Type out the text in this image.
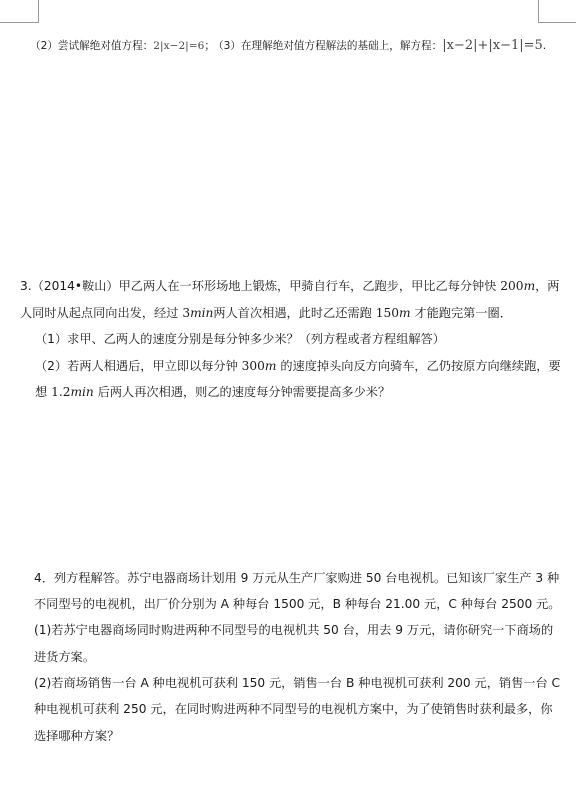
（2）尝试解绝对值方程：2|x−2|=6；
（3）在理解绝对值方程解法的基础上，解方程：|x−2|+|x−1|=5.
3.（2014•鞍山）甲乙两人在一环形场地上锻炼，甲骑自行车，乙跑步，甲比乙每分钟快 200m，两
人同时从起点同向出发，经过 3min两人首次相遇，此时乙还需跑 150m 才能跑完第一圈．
（1）求甲、乙两人的速度分别是每分钟多少米？（列方程或者方程组解答）
（2）若两人相遇后，甲立即以每分钟 300m 的速度掉头向反方向骑车，乙仍按原方向继续跑，要
想 1.2min 后两人再次相遇，则乙的速度每分钟需要提高多少米？
4．列方程解答。苏宁电器商场计划用 9 万元从生产厂家购进 50 台电视机。已知该厂家生产 3 种
不同型号的电视机，出厂价分别为 A 种每台 1500 元，B 种每台 21.00 元，C 种每台 2500 元。
(1)若苏宁电器商场同时购进两种不同型号的电视机共 50 台，用去 9 万元，请你研究一下商场的
进货方案。
(2)若商场销售一台 A 种电视机可获利 150 元，销售一台 B 种电视机可获利 200 元，销售一台 C
种电视机可获利 250 元，在同时购进两种不同型号的电视机方案中，为了使销售时获利最多，你
选择哪种方案？
